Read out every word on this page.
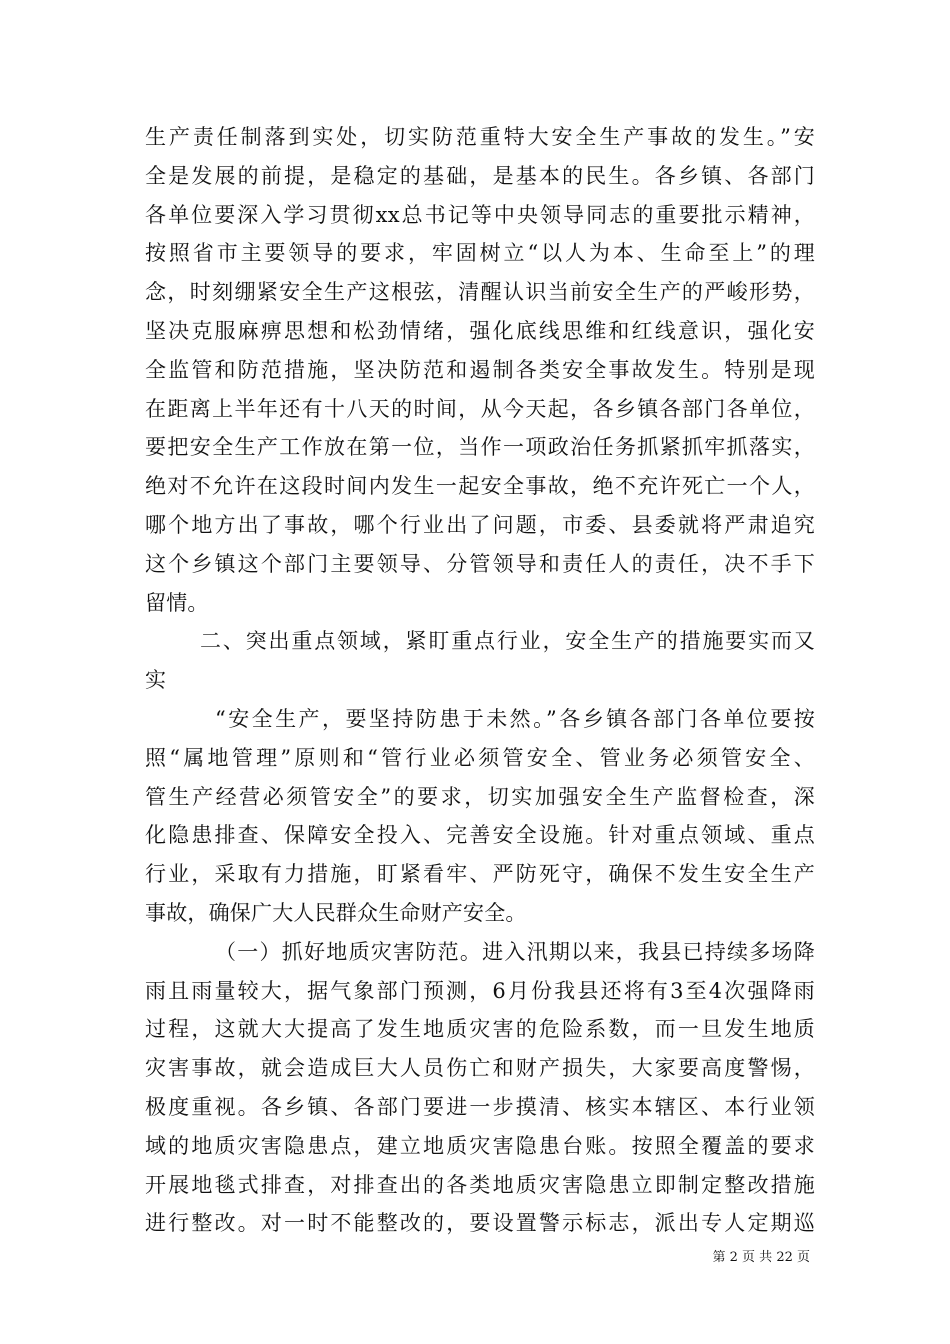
生产责任制落到实处，切实防范重特大安全生产事故的发生。”安
全是发展的前提，是稳定的基础，是基本的民生。各乡镇、各部门
各单位要深入学习贯彻xx总书记等中央领导同志的重要批示精神，
按照省市主要领导的要求，牢固树立“以人为本、生命至上”的理
念，时刻绷紧安全生产这根弦，清醒认识当前安全生产的严峻形势，
坚决克服麻痹思想和松劲情绪，强化底线思维和红线意识，强化安
全监管和防范措施，坚决防范和遏制各类安全事故发生。特别是现
在距离上半年还有十八天的时间，从今天起，各乡镇各部门各单位，
要把安全生产工作放在第一位，当作一项政治任务抓紧抓牢抓落实，
绝对不允许在这段时间内发生一起安全事故，绝不充许死亡一个人，
哪个地方出了事故，哪个行业出了问题，市委、县委就将严肃追究
这个乡镇这个部门主要领导、分管领导和责任人的责任，决不手下
留情。
二、突出重点领域，紧盯重点行业，安全生产的措施要实而又
实
“安全生产，要坚持防患于未然。”各乡镇各部门各单位要按
照“属地管理”原则和“管行业必须管安全、管业务必须管安全、
管生产经营必须管安全”的要求，切实加强安全生产监督检查，深
化隐患排查、保障安全投入、完善安全设施。针对重点领域、重点
行业，采取有力措施，盯紧看牢、严防死守，确保不发生安全生产
事故，确保广大人民群众生命财产安全。
（一）抓好地质灾害防范。进入汛期以来，我县已持续多场降
雨且雨量较大，据气象部门预测，6月份我县还将有3至4次强降雨
过程，这就大大提高了发生地质灾害的危险系数，而一旦发生地质
灾害事故，就会造成巨大人员伤亡和财产损失，大家要高度警惕，
极度重视。各乡镇、各部门要进一步摸清、核实本辖区、本行业领
域的地质灾害隐患点，建立地质灾害隐患台账。按照全覆盖的要求
开展地毯式排查，对排查出的各类地质灾害隐患立即制定整改措施
进行整改。对一时不能整改的，要设置警示标志，派出专人定期巡
第 2 页 共 22 页
